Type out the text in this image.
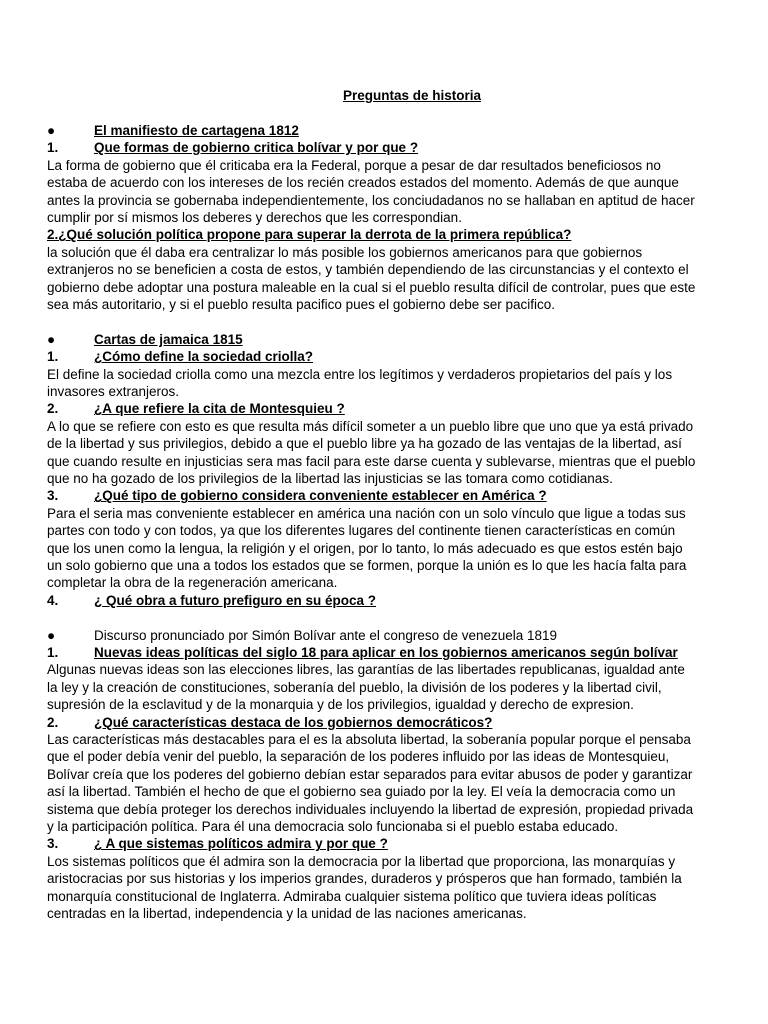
Preguntas de historia
●	El manifiesto de cartagena 1812
1.	Que formas de gobierno critica bolívar y por que ?

La forma de gobierno que él criticaba era la Federal, porque a pesar de dar resultados beneficiosos no

estaba de acuerdo con los intereses de los recién creados estados del momento. Además de que aunque

antes la provincia se gobernaba independientemente, los conciudadanos no se hallaban en aptitud de hacer

cumplir por sí mismos los deberes y derechos que les correspondian.

2.¿Qué solución política propone para superar la derrota de la primera república?

la solución que él daba era centralizar lo más posible los gobiernos americanos para que gobiernos

extranjeros no se beneficien a costa de estos, y también dependiendo de las circunstancias y el contexto el

gobierno debe adoptar una postura maleable en la cual si el pueblo resulta difícil de controlar, pues que este

sea más autoritario, y si el pueblo resulta pacifico pues el gobierno debe ser pacifico.

●	Cartas de jamaica 1815
1.	¿Cómo define la sociedad criolla?

El define la sociedad criolla como una mezcla entre los legítimos y verdaderos propietarios del país y los

invasores extranjeros.

2.	¿A que refiere la cita de Montesquieu ?

A lo que se refiere con esto es que resulta más difícil someter a un pueblo libre que uno que ya está privado

de la libertad y sus privilegios, debido a que el pueblo libre ya ha gozado de las ventajas de la libertad, así

que cuando resulte en injusticias sera mas facil para este darse cuenta y sublevarse, mientras que el pueblo

que no ha gozado de los privilegios de la libertad las injusticias se las tomara como cotidianas.

3.	¿Qué tipo de gobierno considera conveniente establecer en América ?

Para el seria mas conveniente establecer en américa una nación con un solo vínculo que ligue a todas sus

partes con todo y con todos, ya que los diferentes lugares del continente tienen características en común

que los unen como la lengua, la religión y el origen, por lo tanto, lo más adecuado es que estos estén bajo

un solo gobierno que una a todos los estados que se formen, porque la unión es lo que les hacía falta para

completar la obra de la regeneración americana.

4.	¿ Qué obra a futuro prefiguro en su época ?
●	Discurso pronunciado por Simón Bolívar ante el congreso de venezuela 1819
1.	Nuevas ideas políticas del siglo 18 para aplicar en los gobiernos americanos según bolívar

Algunas nuevas ideas son las elecciones libres, las garantías de las libertades republicanas, igualdad ante

la ley y la creación de constituciones, soberanía del pueblo, la división de los poderes y la libertad civil,

supresión de la esclavitud y de la monarquia y de los privilegios, igualdad y derecho de expresion.

2.	¿Qué características destaca de los gobiernos democráticos?

Las características más destacables para el es la absoluta libertad, la soberanía popular porque el pensaba

que el poder debía venir del pueblo, la separación de los poderes influido por las ideas de Montesquieu,

Bolívar creía que los poderes del gobierno debían estar separados para evitar abusos de poder y garantizar

así la libertad. También el hecho de que el gobierno sea guiado por la ley. El veía la democracia como un

sistema que debía proteger los derechos individuales incluyendo la libertad de expresión, propiedad privada

y la participación política. Para él una democracia solo funcionaba si el pueblo estaba educado.

3.	¿ A que sistemas políticos admira y por que ?

Los sistemas políticos que él admira son la democracia por la libertad que proporciona, las monarquías y

aristocracias por sus historias y los imperios grandes, duraderos y prósperos que han formado, también la

monarquía constitucional de Inglaterra. Admiraba cualquier sistema político que tuviera ideas políticas

centradas en la libertad, independencia y la unidad de las naciones americanas.
